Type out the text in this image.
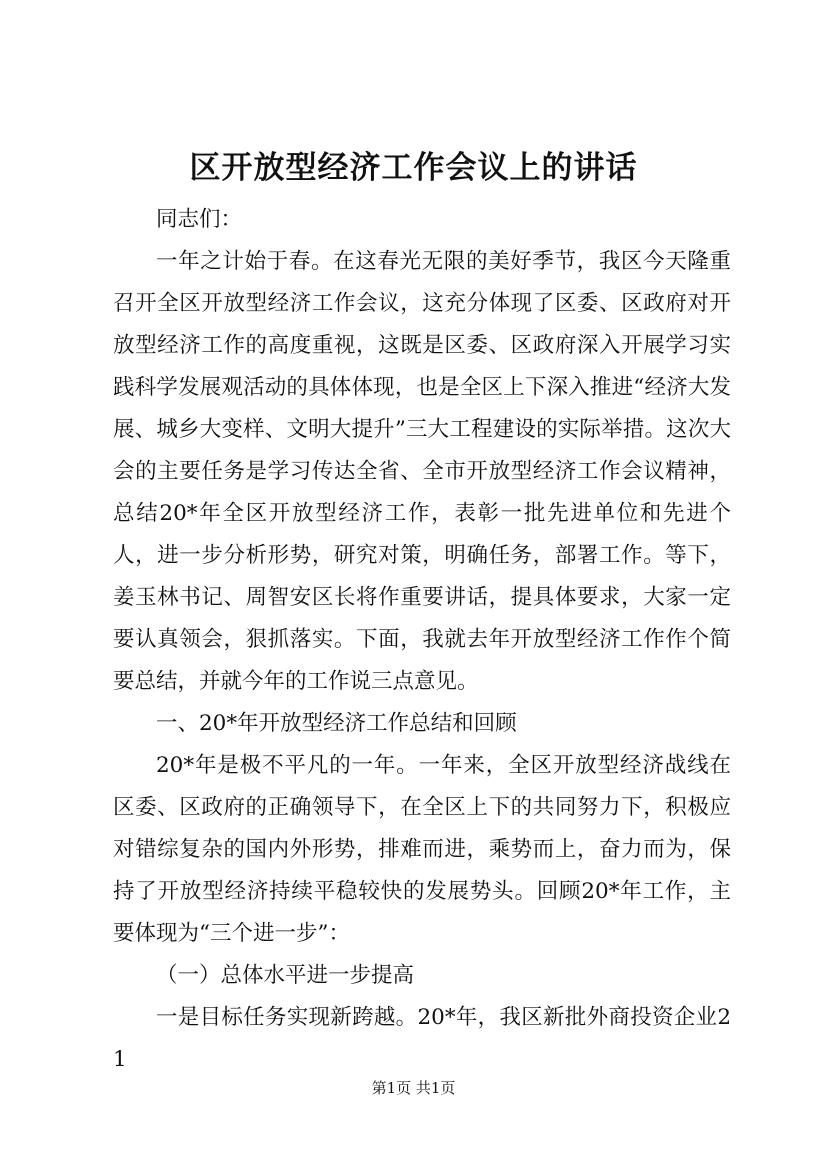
区开放型经济工作会议上的讲话

同志们：

一年之计始于春。在这春光无限的美好季节，我区今天隆重召开全区开放型经济工作会议，这充分体现了区委、区政府对开放型经济工作的高度重视，这既是区委、区政府深入开展学习实践科学发展观活动的具体体现，也是全区上下深入推进“经济大发展、城乡大变样、文明大提升”三大工程建设的实际举措。这次大会的主要任务是学习传达全省、全市开放型经济工作会议精神，总结20*年全区开放型经济工作，表彰一批先进单位和先进个人，进一步分析形势，研究对策，明确任务，部署工作。等下，姜玉林书记、周智安区长将作重要讲话，提具体要求，大家一定要认真领会，狠抓落实。下面，我就去年开放型经济工作作个简要总结，并就今年的工作说三点意见。

一、20*年开放型经济工作总结和回顾

20*年是极不平凡的一年。一年来，全区开放型经济战线在区委、区政府的正确领导下，在全区上下的共同努力下，积极应对错综复杂的国内外形势，排难而进，乘势而上，奋力而为，保持了开放型经济持续平稳较快的发展势头。回顾20*年工作，主要体现为“三个进一步”：

（一）总体水平进一步提高

一是目标任务实现新跨越。20*年，我区新批外商投资企业21

第1页 共1页
